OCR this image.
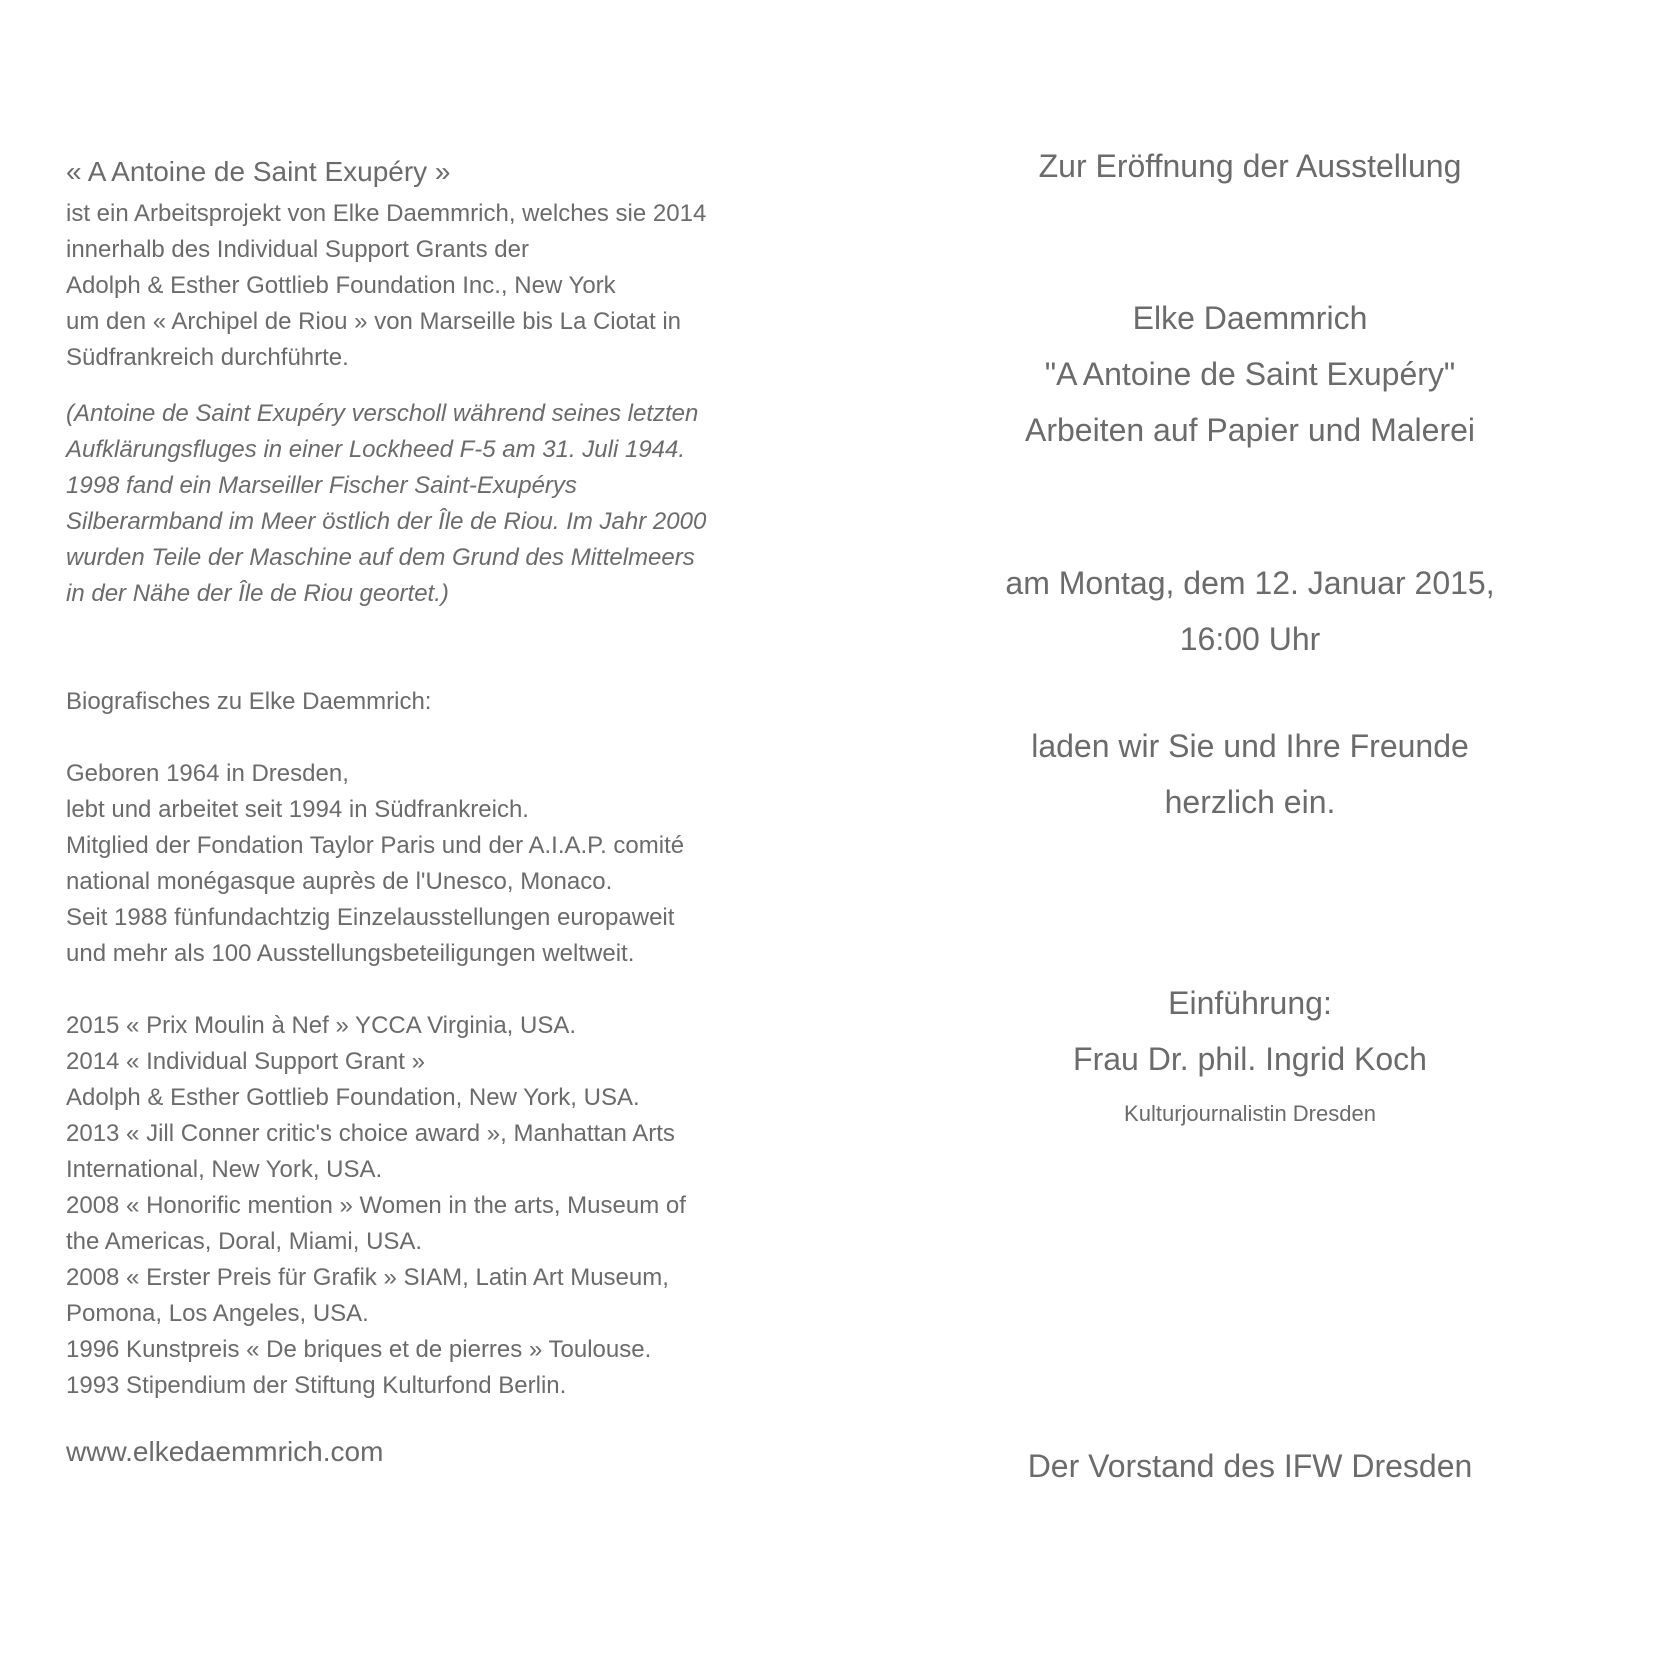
« A Antoine de Saint Exupéry »

ist ein Arbeitsprojekt von Elke Daemmrich, welches sie 2014
innerhalb des Individual Support Grants der
Adolph & Esther Gottlieb Foundation Inc., New York
um den « Archipel de Riou » von Marseille bis La Ciotat in
Südfrankreich durchführte.

(Antoine de Saint Exupéry verscholl während seines letzten
Aufklärungsfluges in einer Lockheed F-5 am 31. Juli 1944.
1998 fand ein Marseiller Fischer Saint-Exupérys
Silberarmband im Meer östlich der Île de Riou. Im Jahr 2000
wurden Teile der Maschine auf dem Grund des Mittelmeers
in der Nähe der Île de Riou geortet.)

Biografisches zu Elke Daemmrich:

Geboren 1964 in Dresden,
lebt und arbeitet seit 1994 in Südfrankreich.
Mitglied der Fondation Taylor Paris und der A.I.A.P. comité
national monégasque auprès de l'Unesco, Monaco.
Seit 1988 fünfundachtzig Einzelausstellungen europaweit
und mehr als 100 Ausstellungsbeteiligungen weltweit.

2015 « Prix Moulin à Nef » YCCA Virginia, USA.
2014 « Individual Support Grant »
Adolph & Esther Gottlieb Foundation, New York, USA.
2013 « Jill Conner critic's choice award », Manhattan Arts
International, New York, USA.
2008 « Honorific mention » Women in the arts, Museum of
the Americas, Doral, Miami, USA.
2008 « Erster Preis für Grafik » SIAM, Latin Art Museum,
Pomona, Los Angeles, USA.
1996 Kunstpreis « De briques et de pierres » Toulouse.
1993 Stipendium der Stiftung Kulturfond Berlin.

www.elkedaemmrich.com

Zur Eröffnung der Ausstellung
Elke Daemmrich
"A Antoine de Saint Exupéry"
Arbeiten auf Papier und Malerei
am Montag, dem 12. Januar 2015,
16:00 Uhr
laden wir Sie und Ihre Freunde
herzlich ein.
Einführung:
Frau Dr. phil. Ingrid Koch
Kulturjournalistin Dresden
Der Vorstand des IFW Dresden
